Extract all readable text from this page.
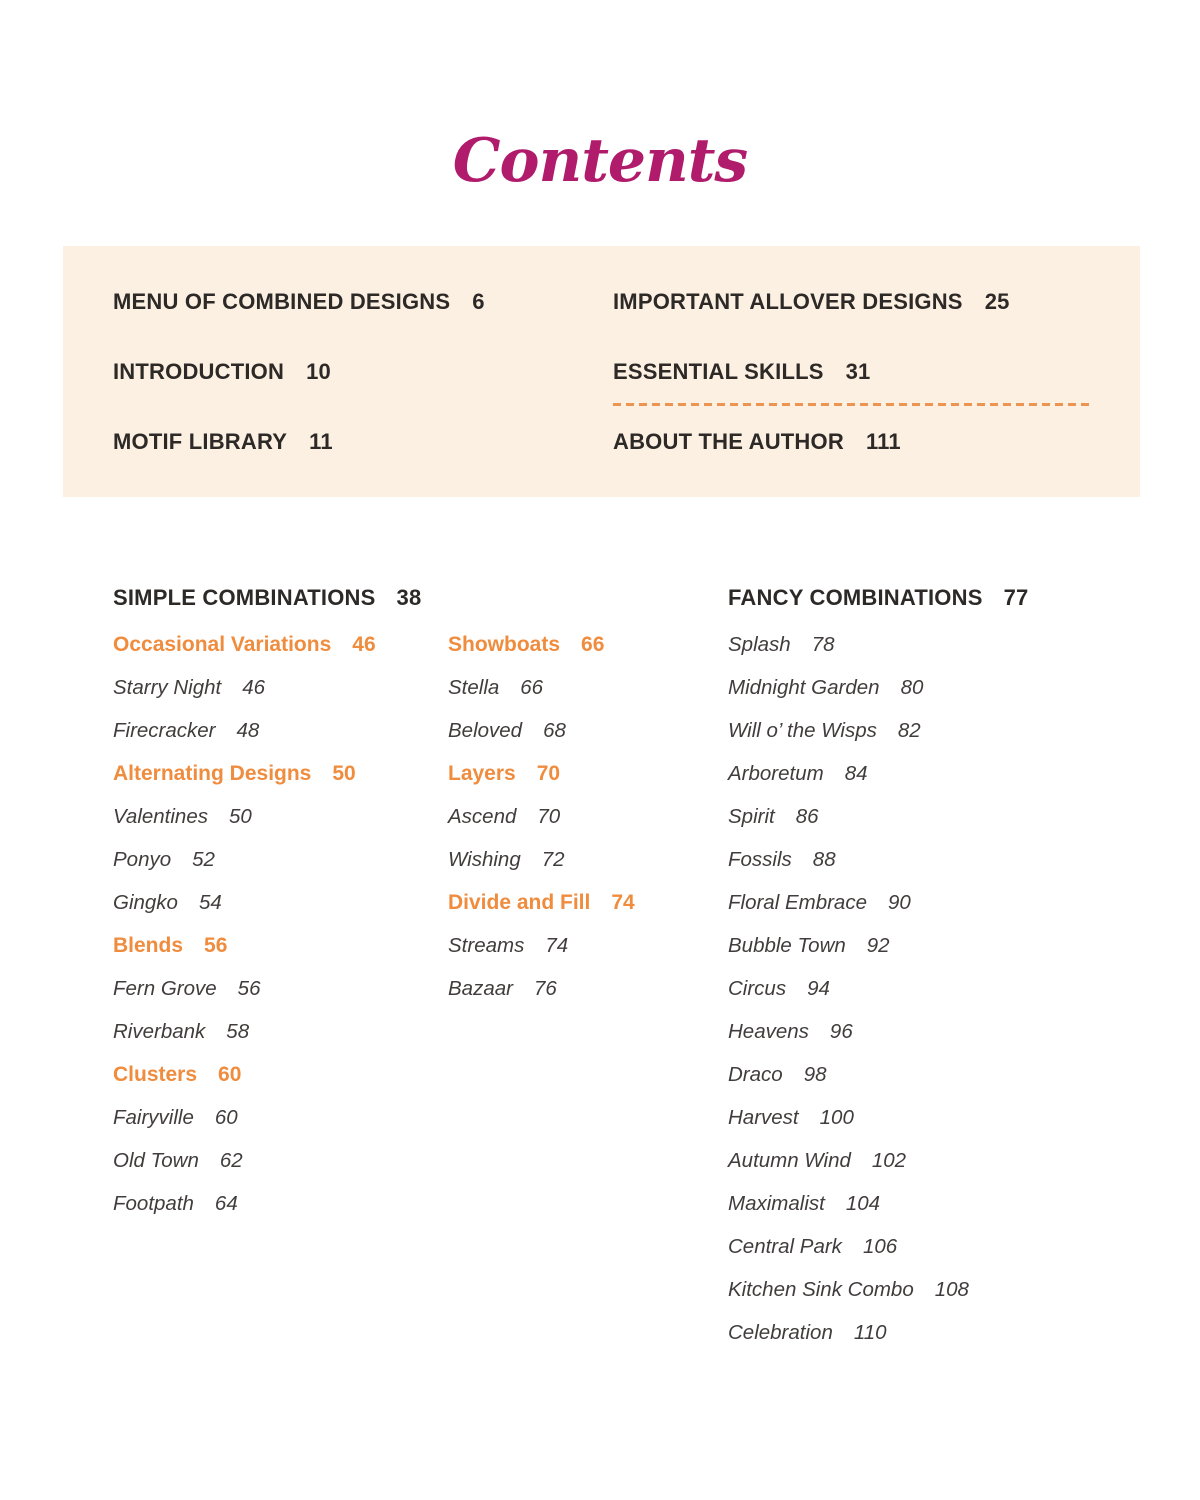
Contents
MENU OF COMBINED DESIGNS 6
INTRODUCTION 10
MOTIF LIBRARY 11
IMPORTANT ALLOVER DESIGNS 25
ESSENTIAL SKILLS 31
ABOUT THE AUTHOR 111
SIMPLE COMBINATIONS 38
Occasional Variations 46
Starry Night 46
Firecracker 48
Alternating Designs 50
Valentines 50
Ponyo 52
Gingko 54
Blends 56
Fern Grove 56
Riverbank 58
Clusters 60
Fairyville 60
Old Town 62
Footpath 64
Showboats 66
Stella 66
Beloved 68
Layers 70
Ascend 70
Wishing 72
Divide and Fill 74
Streams 74
Bazaar 76
FANCY COMBINATIONS 77
Splash 78
Midnight Garden 80
Will o’ the Wisps 82
Arboretum 84
Spirit 86
Fossils 88
Floral Embrace 90
Bubble Town 92
Circus 94
Heavens 96
Draco 98
Harvest 100
Autumn Wind 102
Maximalist 104
Central Park 106
Kitchen Sink Combo 108
Celebration 110
